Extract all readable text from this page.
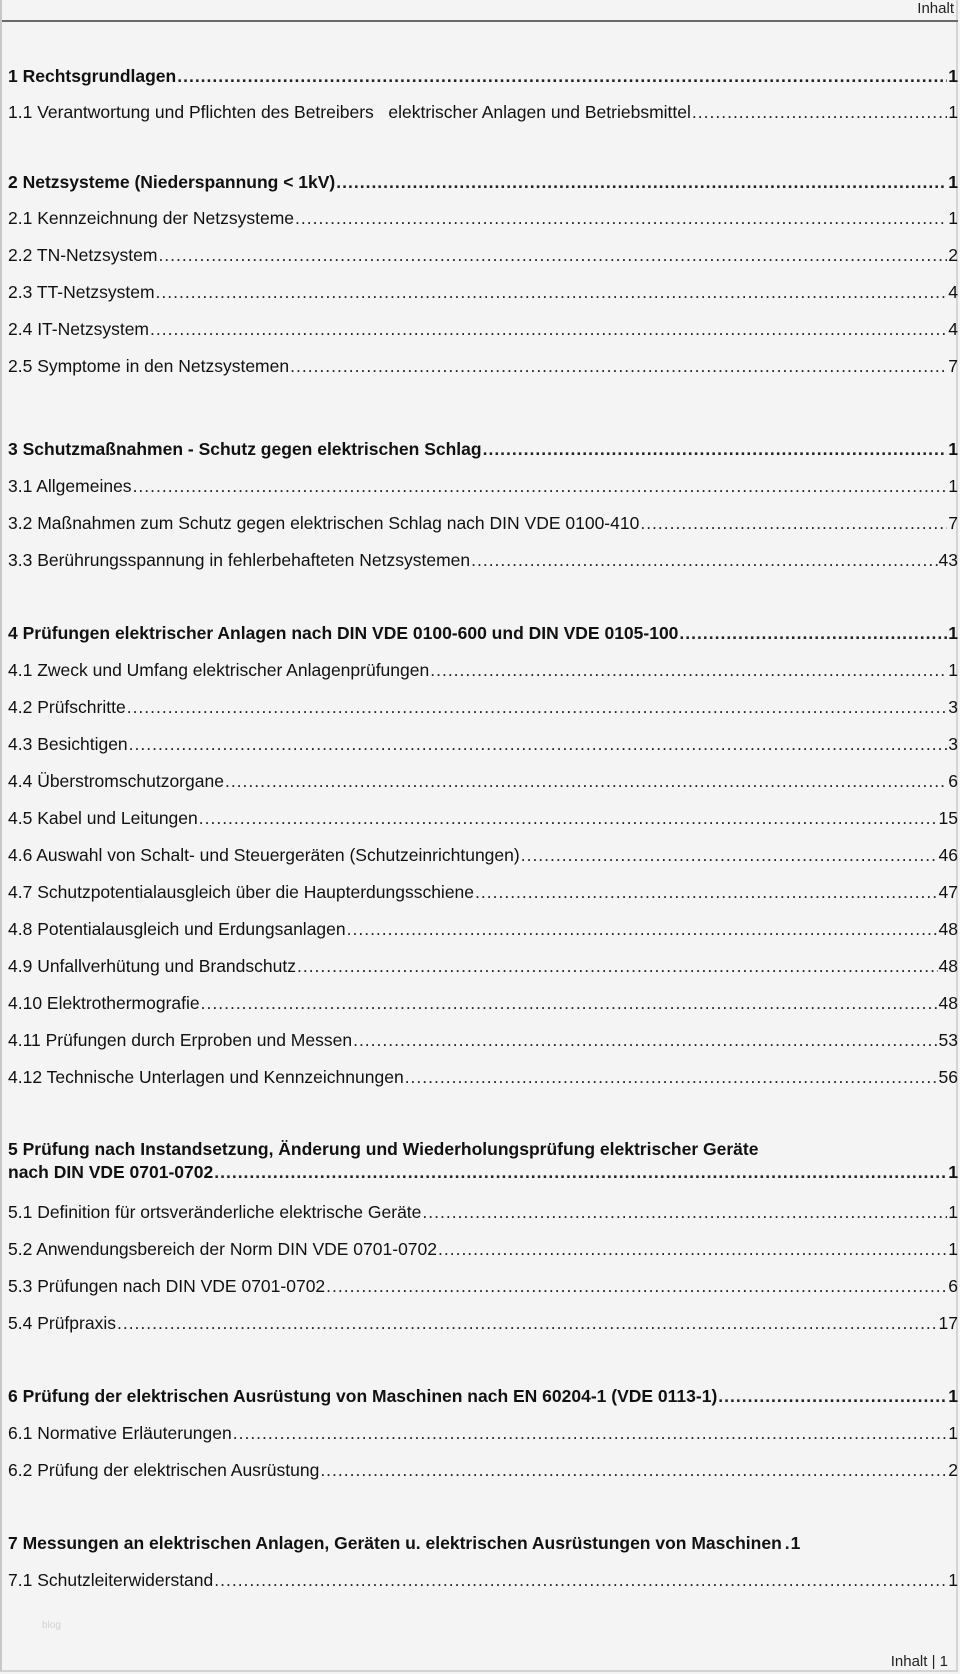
Inhalt
1 Rechtsgrundlagen .....	1
1.1 Verantwortung und Pflichten des Betreibers   elektrischer Anlagen und Betriebsmittel .....	1
2 Netzsysteme (Niederspannung < 1kV) .....	1
2.1 Kennzeichnung der Netzsysteme .....	1
2.2 TN-Netzsystem .....	2
2.3 TT-Netzsystem .....	4
2.4 IT-Netzsystem .....	4
2.5 Symptome in den Netzsystemen .....	7
3 Schutzmaßnahmen - Schutz gegen elektrischen Schlag .....	1
3.1 Allgemeines .....	1
3.2 Maßnahmen zum Schutz gegen elektrischen Schlag nach DIN VDE 0100-410 .....	7
3.3 Berührungsspannung in fehlerbehafteten Netzsystemen .....	43
4 Prüfungen elektrischer Anlagen nach DIN VDE 0100-600 und DIN VDE 0105-100 .....	1
4.1 Zweck und Umfang elektrischer Anlagenprüfungen .....	1
4.2 Prüfschritte .....	3
4.3 Besichtigen .....	3
4.4 Überstromschutzorgane .....	6
4.5 Kabel und Leitungen .....	15
4.6 Auswahl von Schalt- und Steuergeräten (Schutzeinrichtungen) .....	46
4.7 Schutzpotentialausgleich über die Haupterdungsschiene .....	47
4.8 Potentialausgleich und Erdungsanlagen .....	48
4.9 Unfallverhütung und Brandschutz .....	48
4.10 Elektrothermografie .....	48
4.11 Prüfungen durch Erproben und Messen .....	53
4.12 Technische Unterlagen und Kennzeichnungen .....	56
5 Prüfung nach Instandsetzung, Änderung und Wiederholungsprüfung elektrischer Geräte
nach DIN VDE 0701-0702 .....	1
5.1 Definition für ortsveränderliche elektrische Geräte .....	1
5.2 Anwendungsbereich der Norm DIN VDE 0701-0702 .....	1
5.3 Prüfungen nach DIN VDE 0701-0702 .....	6
5.4 Prüfpraxis .....	17
6 Prüfung der elektrischen Ausrüstung von Maschinen nach EN 60204-1 (VDE 0113-1) .....	1
6.1 Normative Erläuterungen .....	1
6.2 Prüfung der elektrischen Ausrüstung .....	2
7 Messungen an elektrischen Anlagen, Geräten u. elektrischen Ausrüstungen von Maschinen . 1
7.1 Schutzleiterwiderstand .....	1
blog
Inhalt | 1
